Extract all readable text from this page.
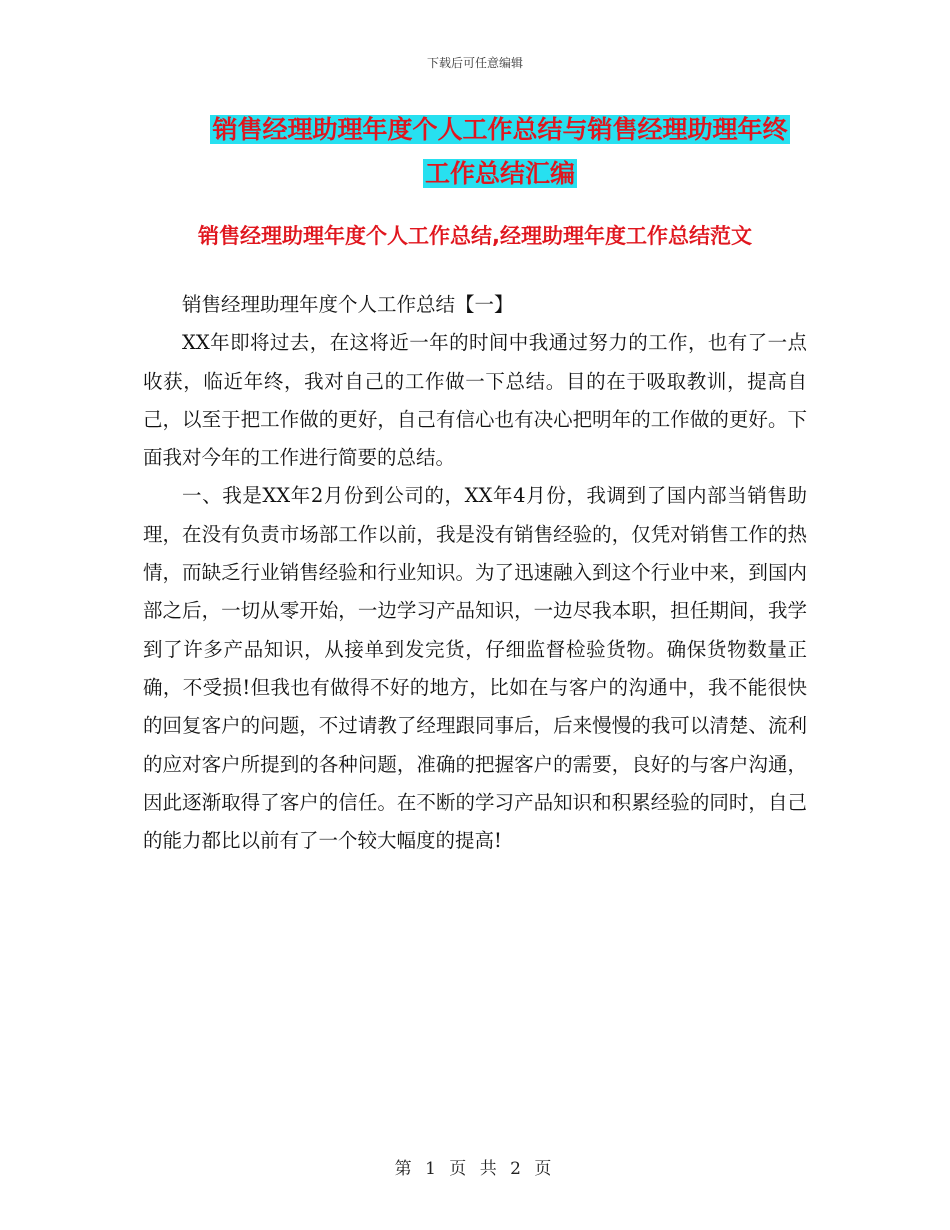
下载后可任意编辑
销售经理助理年度个人工作总结与销售经理助理年终
工作总结汇编
销售经理助理年度个人工作总结,经理助理年度工作总结范文

销售经理助理年度个人工作总结【一】

XX年即将过去，在这将近一年的时间中我通过努力的工作，也有了一点收获，临近年终，我对自己的工作做一下总结。目的在于吸取教训，提高自己，以至于把工作做的更好，自己有信心也有决心把明年的工作做的更好。下面我对今年的工作进行简要的总结。

一、我是XX年2月份到公司的，XX年4月份，我调到了国内部当销售助理，在没有负责市场部工作以前，我是没有销售经验的，仅凭对销售工作的热情，而缺乏行业销售经验和行业知识。为了迅速融入到这个行业中来，到国内部之后，一切从零开始，一边学习产品知识，一边尽我本职，担任期间，我学到了许多产品知识，从接单到发完货，仔细监督检验货物。确保货物数量正确，不受损!但我也有做得不好的地方，比如在与客户的沟通中，我不能很快的回复客户的问题，不过请教了经理跟同事后，后来慢慢的我可以清楚、流利的应对客户所提到的各种问题，准确的把握客户的需要，良好的与客户沟通，因此逐渐取得了客户的信任。在不断的学习产品知识和积累经验的同时，自己的能力都比以前有了一个较大幅度的提高!

第 1 页 共 2 页
